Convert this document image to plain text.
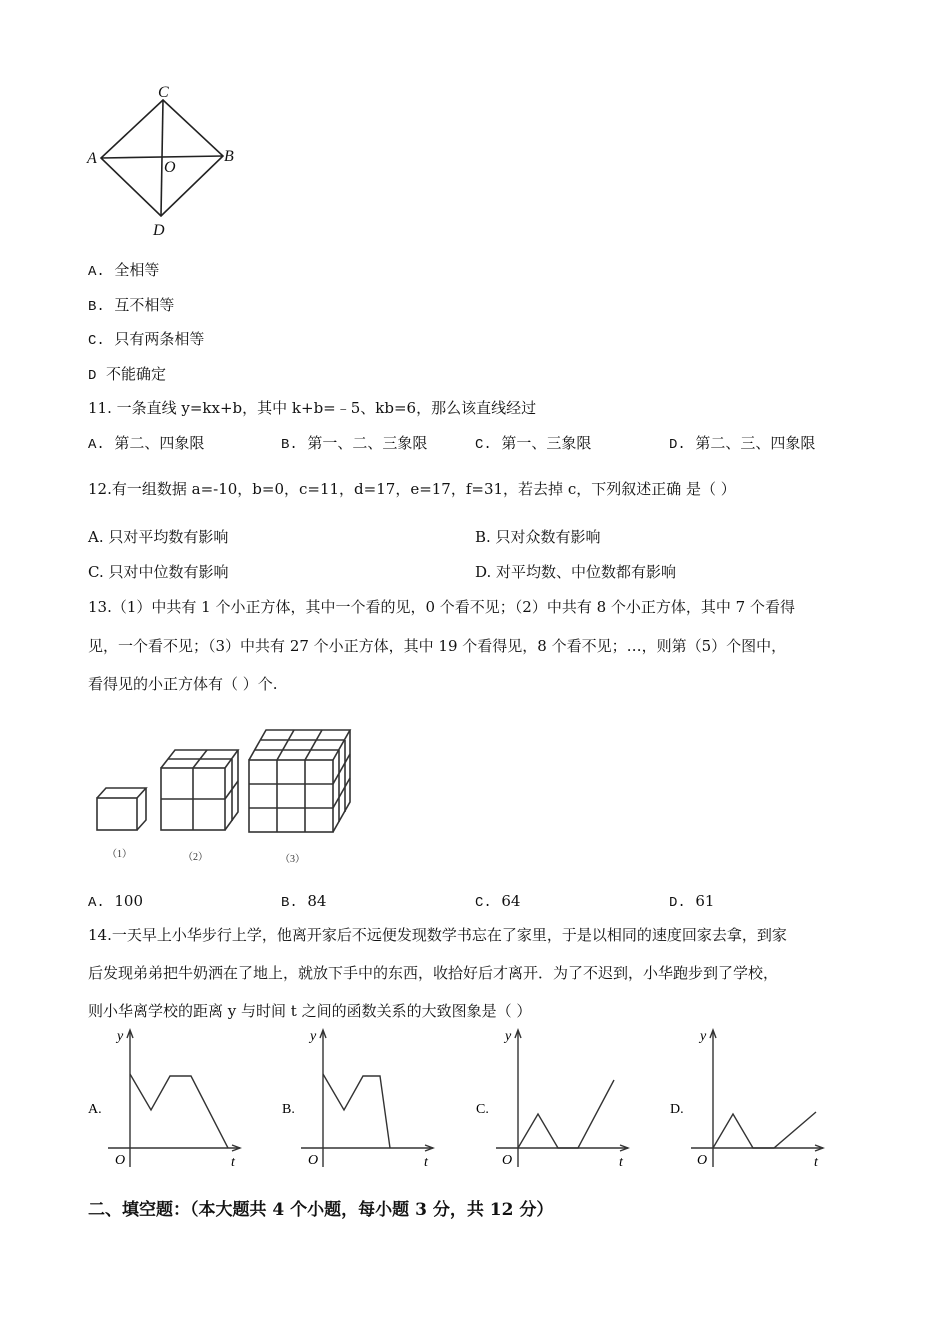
C
A	B
D
O
A. 全相等
B. 互不相等
C. 只有两条相等
D 不能确定
11. 一条直线 y=kx+b，其中 k+b=﹣5、kb=6，那么该直线经过
A. 第二、四象限	B. 第一、二、三象限	C. 第一、三象限	D. 第二、三、四象限
12.有一组数据 a=-10，b=0，c=11，d=17，e=17，f=31，若去掉 c，下列叙述正确 是（ ）
A. 只对平均数有影响	B. 只对众数有影响
C. 只对中位数有影响	D. 对平均数、中位数都有影响
13.（1）中共有 1 个小正方体，其中一个看的见，0 个看不见；（2）中共有 8 个小正方体，其中 7 个看得
见，一个看不见；（3）中共有 27 个小正方体，其中 19 个看得见，8 个看不见；…，则第（5）个图中，
看得见的小正方体有（ ）个.
（1）	（2）	（3）
A. 100	B. 84	C. 64	D. 61
14.一天早上小华步行上学，他离开家后不远便发现数学书忘在了家里，于是以相同的速度回家去拿，到家
后发现弟弟把牛奶洒在了地上，就放下手中的东西，收拾好后才离开．为了不迟到，小华跑步到了学校，
则小华离学校的距离 y 与时间 t 之间的函数关系的大致图象是（ ）
A.
y
t
O
B.
y
t
O
C.
y
t
O
D.
y
t
O
二、填空题：（本大题共 4 个小题，每小题 3 分，共 12 分）
